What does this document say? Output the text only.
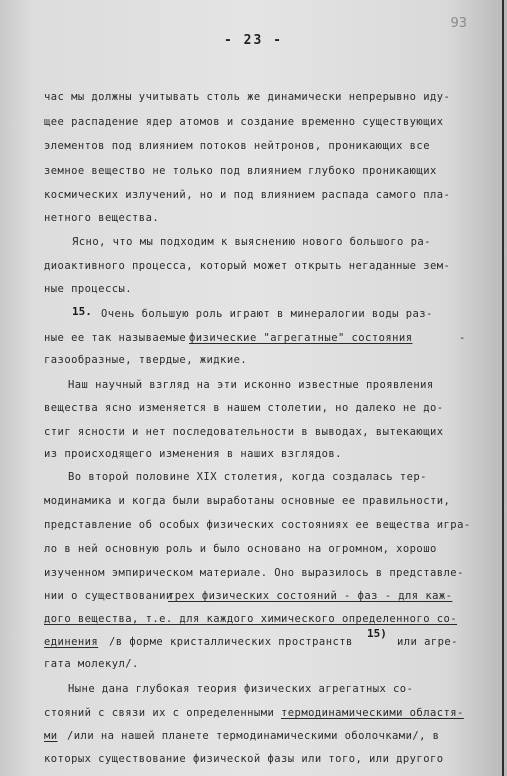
- 23 -
93
час мы должны учитывать столь же динамически непрерывно иду-
щее распадение ядер атомов и создание временно существующих
элементов под влиянием потоков нейтронов, проникающих все
земное вещество не только под влиянием глубоко проникающих
космических излучений, но и под влиянием распада самого пла-
нетного вещества.
Ясно, что мы подходим к выяснению нового большого ра-
диоактивного процесса, который может открыть негаданные зем-
ные процессы.
15. Очень большую роль играют в минералогии воды раз-
ные ее так называемые физические "агрегатные" состояния	-
газообразные, твердые, жидкие.
Наш научный взгляд на эти исконно известные проявления
вещества ясно изменяется в нашем столетии, но далеко не до-
стиг ясности и нет последовательности в выводах, вытекающих
из происходящего изменения в наших взглядов.
Во второй половине XIX столетия, когда создалась тер-
модинамика и когда были выработаны основные ее правильности,
представление об особых физических состояниях ее вещества игра-
ло в ней основную роль и было основано на огромном, хорошо
изученном эмпирическом материале. Оно выразилось в представле-
нии о существовании
трех физических состояний - фаз - для каж-
дого вещества, т.е. для каждого химического определенного со-
единения /в форме кристаллических пространств
15)
или агре-
гата молекул/.
Ныне дана глубокая теория физических агрегатных со-
стояний с связи их с определенными термодинамическими областя-
ми /или на нашей планете термодинамическими оболочками/, в
которых существование физической фазы или того, или другого
